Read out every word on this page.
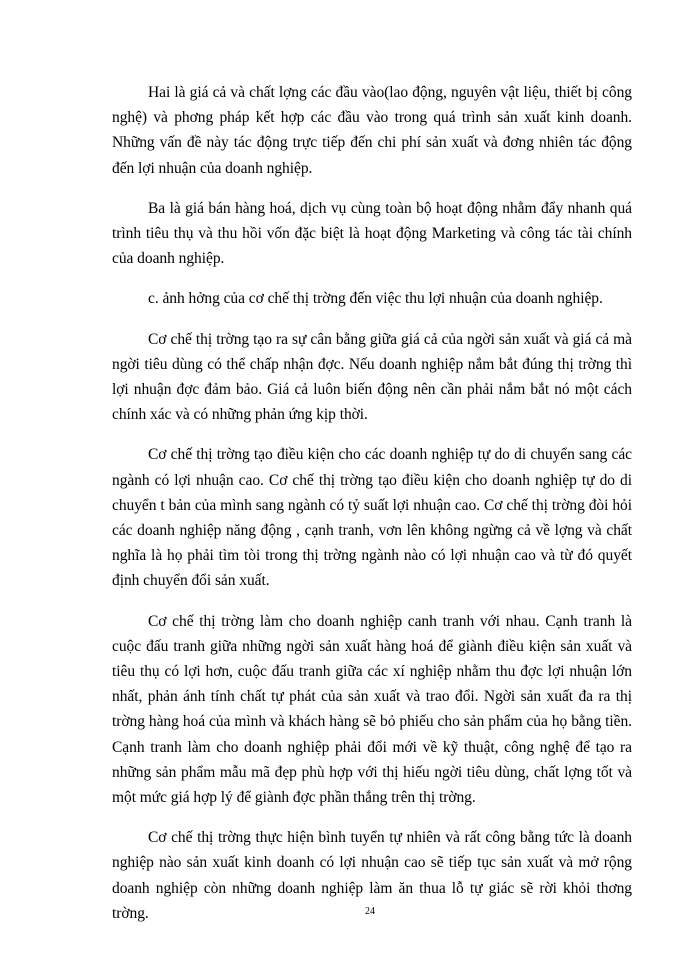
Hai là giá cả và chất lợng các đầu vào(lao động, nguyên vật liệu, thiết bị công nghệ) và phơng pháp kết hợp các đầu vào trong quá trình sản xuất kinh doanh. Những vấn đề này tác động trực tiếp đến chi phí sản xuất và đơng nhiên tác động đến lợi nhuận của doanh nghiệp.

Ba là giá bán hàng hoá, dịch vụ cùng toàn bộ hoạt động nhằm đẩy nhanh quá trình tiêu thụ và thu hồi vốn đặc biệt là hoạt động Marketing và công tác tài chính của doanh nghiệp.

c. ảnh hởng của cơ chế thị trờng đến việc thu lợi nhuận của doanh nghiệp.

Cơ chế thị trờng tạo ra sự cân bằng giữa giá cả của ngời sản xuất và giá cả mà ngời tiêu dùng có thể chấp nhận đợc. Nếu doanh nghiệp nắm bắt đúng thị trờng thì lợi nhuận đợc đảm bảo. Giá cả luôn biến động nên cần phải nắm bắt nó một cách chính xác và có những phản ứng kịp thời.

Cơ chế thị trờng tạo điều kiện cho các doanh nghiệp tự do di chuyển sang các ngành có lợi nhuận cao. Cơ chế thị trờng tạo điều kiện cho doanh nghiệp tự do di chuyển t bản của mình sang ngành có tỷ suất lợi nhuận cao. Cơ chế thị trờng đòi hỏi các doanh nghiệp năng động , cạnh tranh, vơn lên không ngừng cả về lợng và chất nghĩa là họ phải tìm tòi trong thị trờng ngành nào có lợi nhuận cao và từ đó quyết định chuyển đổi sản xuất.

Cơ chế thị trờng làm cho doanh nghiệp canh tranh với nhau. Cạnh tranh là cuộc đấu tranh giữa những ngời sản xuất hàng hoá để giành điều kiện sản xuất và tiêu thụ có lợi hơn, cuộc đấu tranh giữa các xí nghiệp nhằm thu đợc lợi nhuận lớn nhất, phản ánh tính chất tự phát của sản xuất và trao đổi. Ngời sản xuất đa ra thị trờng hàng hoá của mình và khách hàng sẽ bỏ phiếu cho sản phẩm của họ bằng tiền. Cạnh tranh làm cho doanh nghiệp phải đổi mới về kỹ thuật, công nghệ để tạo ra những sản phẩm mẫu mã đẹp phù hợp với thị hiếu ngời tiêu dùng, chất lợng tốt và một mức giá hợp lý để giành đợc phần thắng trên thị trờng.

Cơ chế thị trờng thực hiện bình tuyển tự nhiên và rất công bằng tức là doanh nghiệp nào sản xuất kinh doanh có lợi nhuận cao sẽ tiếp tục sản xuất và mở rộng doanh nghiệp còn những doanh nghiệp làm ăn thua lỗ tự giác sẽ rời khỏi thơng trờng.	24
